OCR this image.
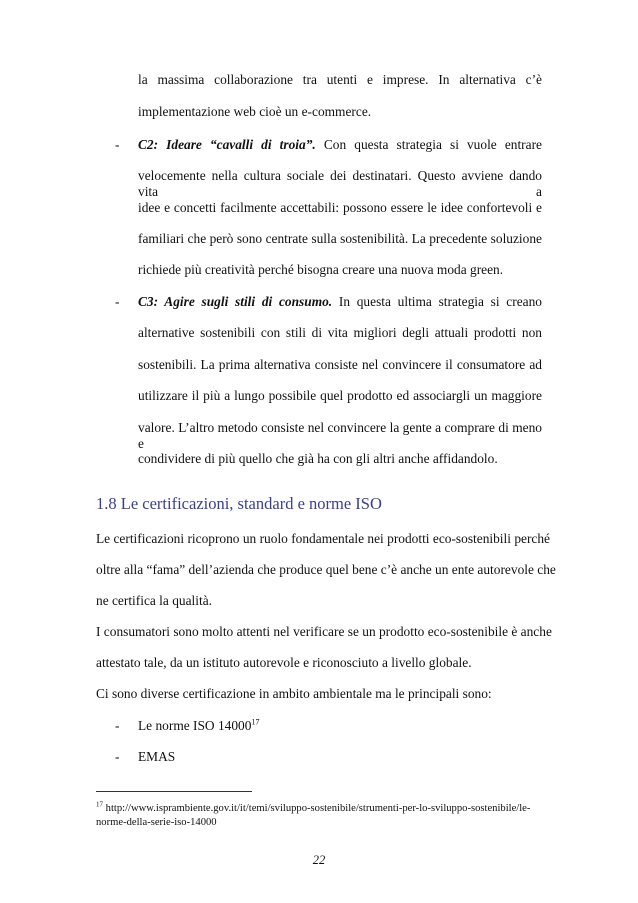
la massima collaborazione tra utenti e imprese. In alternativa c’è
implementazione web cioè un e-commerce.
- C2: Ideare “cavalli di troia”. Con questa strategia si vuole entrare
velocemente nella cultura sociale dei destinatari. Questo avviene dando vita a
idee e concetti facilmente accettabili: possono essere le idee confortevoli e
familiari che però sono centrate sulla sostenibilità. La precedente soluzione
richiede più creatività perché bisogna creare una nuova moda green.
- C3: Agire sugli stili di consumo. In questa ultima strategia si creano
alternative sostenibili con stili di vita migliori degli attuali prodotti non
sostenibili. La prima alternativa consiste nel convincere il consumatore ad
utilizzare il più a lungo possibile quel prodotto ed associargli un maggiore
valore. L’altro metodo consiste nel convincere la gente a comprare di meno e
condividere di più quello che già ha con gli altri anche affidandolo.
1.8 Le certificazioni, standard e norme ISO
Le certificazioni ricoprono un ruolo fondamentale nei prodotti eco-sostenibili perché
oltre alla “fama” dell’azienda che produce quel bene c’è anche un ente autorevole che
ne certifica la qualità.
I consumatori sono molto attenti nel verificare se un prodotto eco-sostenibile è anche
attestato tale, da un istituto autorevole e riconosciuto a livello globale.
Ci sono diverse certificazione in ambito ambientale ma le principali sono:
- Le norme ISO 14000$^{17}$
- EMAS
$^{17}$ http://www.isprambiente.gov.it/it/temi/sviluppo-sostenibile/strumenti-per-lo-sviluppo-sostenibile/le-
norme-della-serie-iso-14000
22
